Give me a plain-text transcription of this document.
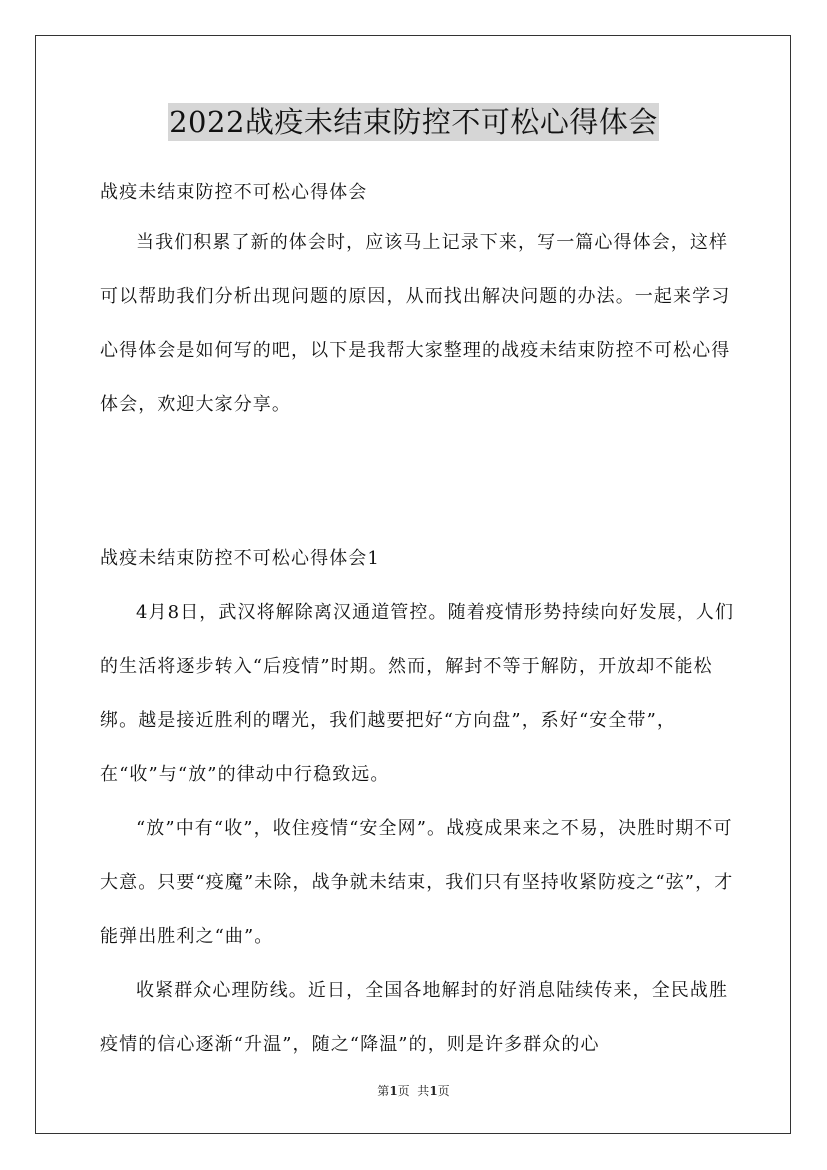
2022战疫未结束防控不可松心得体会

战疫未结束防控不可松心得体会

当我们积累了新的体会时，应该马上记录下来，写一篇心得体会，这样可以帮助我们分析出现问题的原因，从而找出解决问题的办法。一起来学习心得体会是如何写的吧，以下是我帮大家整理的战疫未结束防控不可松心得体会，欢迎大家分享。

战疫未结束防控不可松心得体会1

4月8日，武汉将解除离汉通道管控。随着疫情形势持续向好发展，人们的生活将逐步转入“后疫情”时期。然而，解封不等于解防，开放却不能松绑。越是接近胜利的曙光，我们越要把好“方向盘”，系好“安全带”，在“收”与“放”的律动中行稳致远。

“放”中有“收”，收住疫情“安全网”。战疫成果来之不易，决胜时期不可大意。只要“疫魔”未除，战争就未结束，我们只有坚持收紧防疫之“弦”，才能弹出胜利之“曲”。

收紧群众心理防线。近日，全国各地解封的好消息陆续传来，全民战胜疫情的信心逐渐“升温”，随之“降温”的，则是许多群众的心

第1页  共1页
